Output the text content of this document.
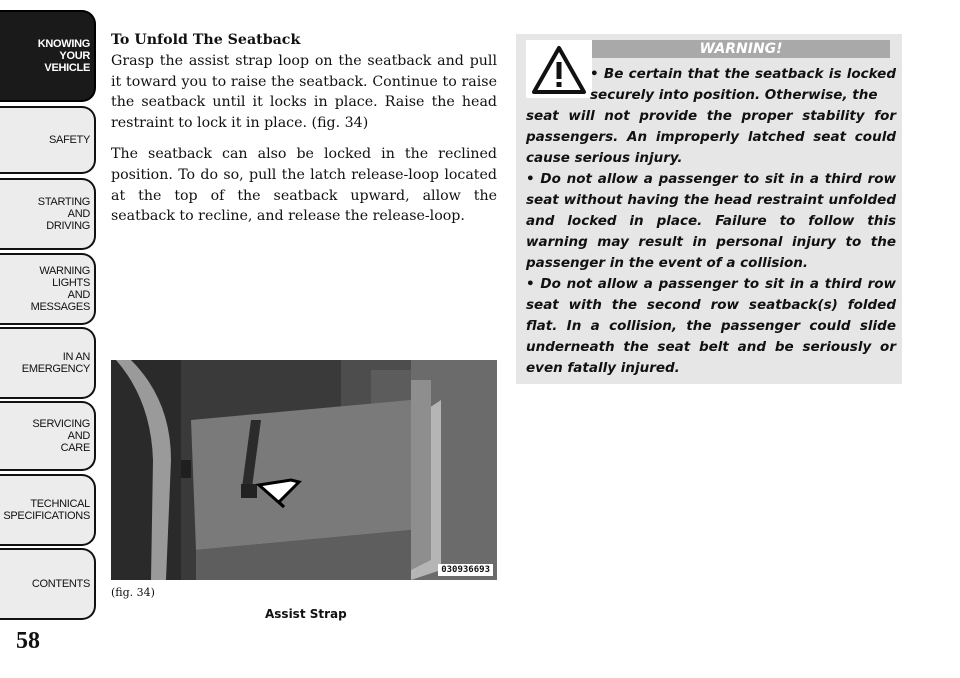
KNOWING
YOUR
VEHICLE
SAFETY
STARTING
AND
DRIVING
WARNING
LIGHTS
AND
MESSAGES
IN AN
EMERGENCY
SERVICING
AND
CARE
TECHNICAL
SPECIFICATIONS
CONTENTS
58
To Unfold The Seatback

Grasp the assist strap loop on the seatback and pull it toward you to raise the seatback. Continue to raise the seatback until it locks in place. Raise the head restraint to lock it in place. (fig. 34)

The seatback can also be locked in the reclined position. To do so, pull the latch release-loop located at the top of the seatback upward, allow the seatback to recline, and release the release-loop.

030936693
(fig. 34)
Assist Strap
WARNING!
• Be certain that the seatback is locked securely into position. Otherwise, the
seat will not provide the proper stability for passengers. An improperly latched seat could cause serious injury.
• Do not allow a passenger to sit in a third row seat without having the head restraint unfolded and locked in place. Failure to follow this warning may result in personal injury to the passenger in the event of a collision.
• Do not allow a passenger to sit in a third row seat with the second row seatback(s) folded flat. In a collision, the passenger could slide underneath the seat belt and be seriously or even fatally injured.
